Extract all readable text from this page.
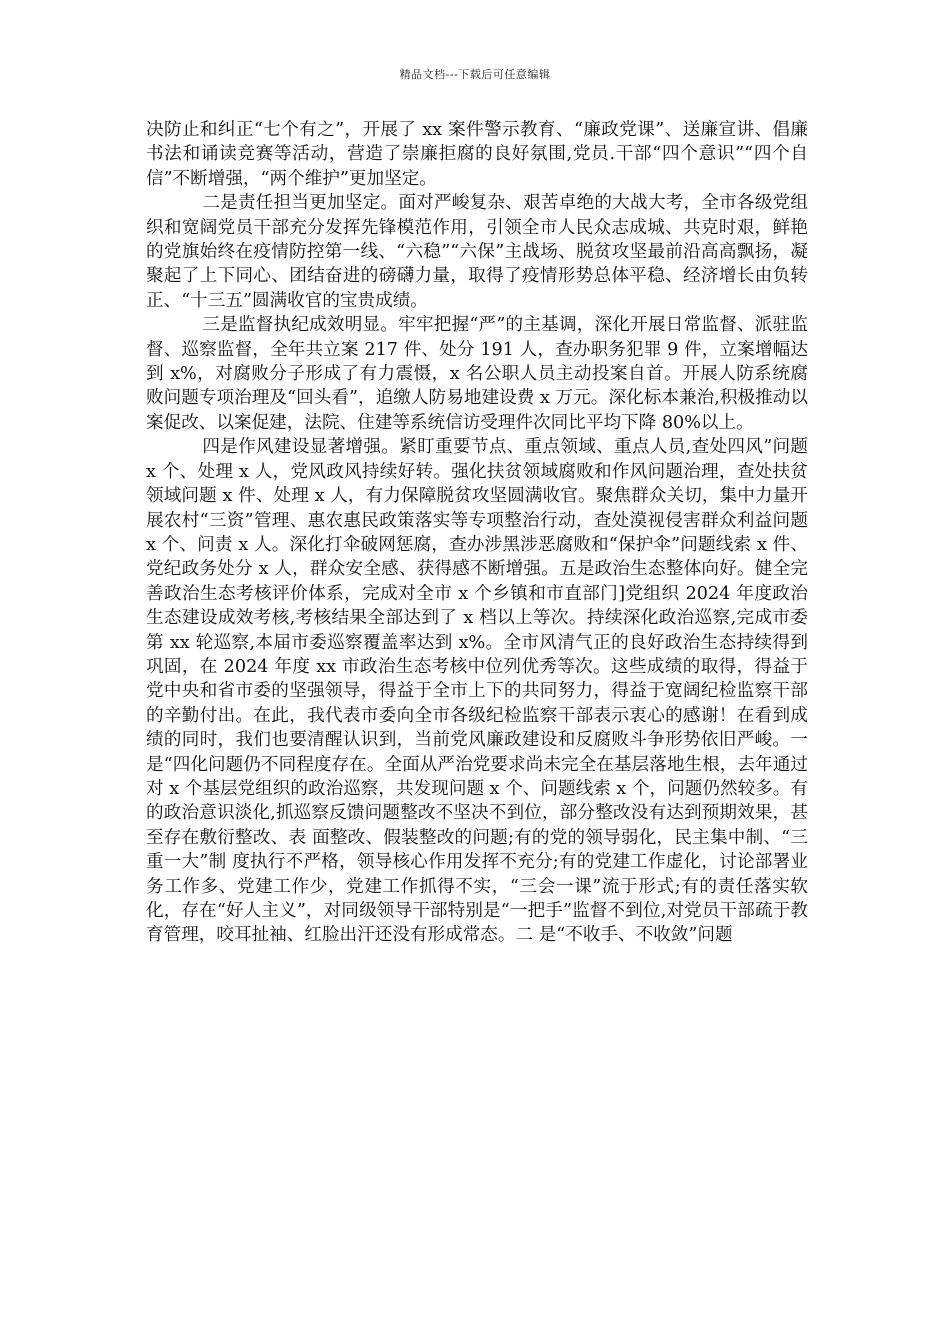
精品文档---下载后可任意编辑

决防止和纠正“七个有之”，开展了 xx 案件警示教育、“廉政党课”、送廉宣讲、倡廉书法和诵读竞赛等活动，营造了崇廉拒腐的良好氛围,党员.干部“四个意识”“四个自信”不断增强，“两个维护”更加坚定。

二是责任担当更加坚定。面对严峻复杂、艰苦卓绝的大战大考，全市各级党组织和宽阔党员干部充分发挥先锋模范作用，引领全市人民众志成城、共克时艰，鲜艳的党旗始终在疫情防控第一线、“六稳”“六保”主战场、脱贫攻坚最前沿高高飘扬，凝聚起了上下同心、团结奋进的磅礴力量，取得了疫情形势总体平稳、经济增长由负转正、“十三五”圆满收官的宝贵成绩。

三是监督执纪成效明显。牢牢把握“严”的主基调，深化开展日常监督、派驻监督、巡察监督，全年共立案 217 件、处分 191 人，查办职务犯罪 9 件，立案增幅达到 x%，对腐败分子形成了有力震慑，x 名公职人员主动投案自首。开展人防系统腐败问题专项治理及“回头看”，追缴人防易地建设费 x 万元。深化标本兼治,积极推动以案促改、以案促建，法院、住建等系统信访受理件次同比平均下降 80%以上。

四是作风建设显著增强。紧盯重要节点、重点领域、重点人员,查处四风”问题 x 个、处理 x 人，党风政风持续好转。强化扶贫领域腐败和作风问题治理，查处扶贫领域问题 x 件、处理 x 人，有力保障脱贫攻坚圆满收官。聚焦群众关切，集中力量开展农村“三资”管理、惠农惠民政策落实等专项整治行动，查处漠视侵害群众利益问题 x 个、问责 x 人。深化打伞破网惩腐，查办涉黑涉恶腐败和“保护伞”问题线索 x 件、党纪政务处分 x 人，群众安全感、获得感不断增强。五是政治生态整体向好。健全完善政治生态考核评价体系，完成对全市 x 个乡镇和市直部门]党组织 2024 年度政治生态建设成效考核,考核结果全部达到了 x 档以上等次。持续深化政治巡察,完成市委第 xx 轮巡察,本届市委巡察覆盖率达到 x%。全市风清气正的良好政治生态持续得到巩固，在 2024 年度 xx 市政治生态考核中位列优秀等次。这些成绩的取得，得益于党中央和省市委的坚强领导，得益于全市上下的共同努力，得益于宽阔纪检监察干部的辛勤付出。在此，我代表市委向全市各级纪检监察干部表示衷心的感谢！在看到成绩的同时，我们也要清醒认识到，当前党风廉政建设和反腐败斗争形势依旧严峻。一是“四化问题仍不同程度存在。全面从严治党要求尚未完全在基层落地生根，去年通过对 x 个基层党组织的政治巡察，共发现问题 x 个、问题线索 x 个，问题仍然较多。有的政治意识淡化,抓巡察反馈问题整改不坚决不到位，部分整改没有达到预期效果，甚至存在敷衍整改、表 面整改、假装整改的问题;有的党的领导弱化，民主集中制、“三重一大”制 度执行不严格，领导核心作用发挥不充分;有的党建工作虚化，讨论部署业务工作多、党建工作少，党建工作抓得不实，“三会一课”流于形式;有的责任落实软化，存在“好人主义”，对同级领导干部特别是“一把手”监督不到位,对党员干部疏于教育管理，咬耳扯袖、红脸出汗还没有形成常态。二 是“不收手、不收敛”问题
